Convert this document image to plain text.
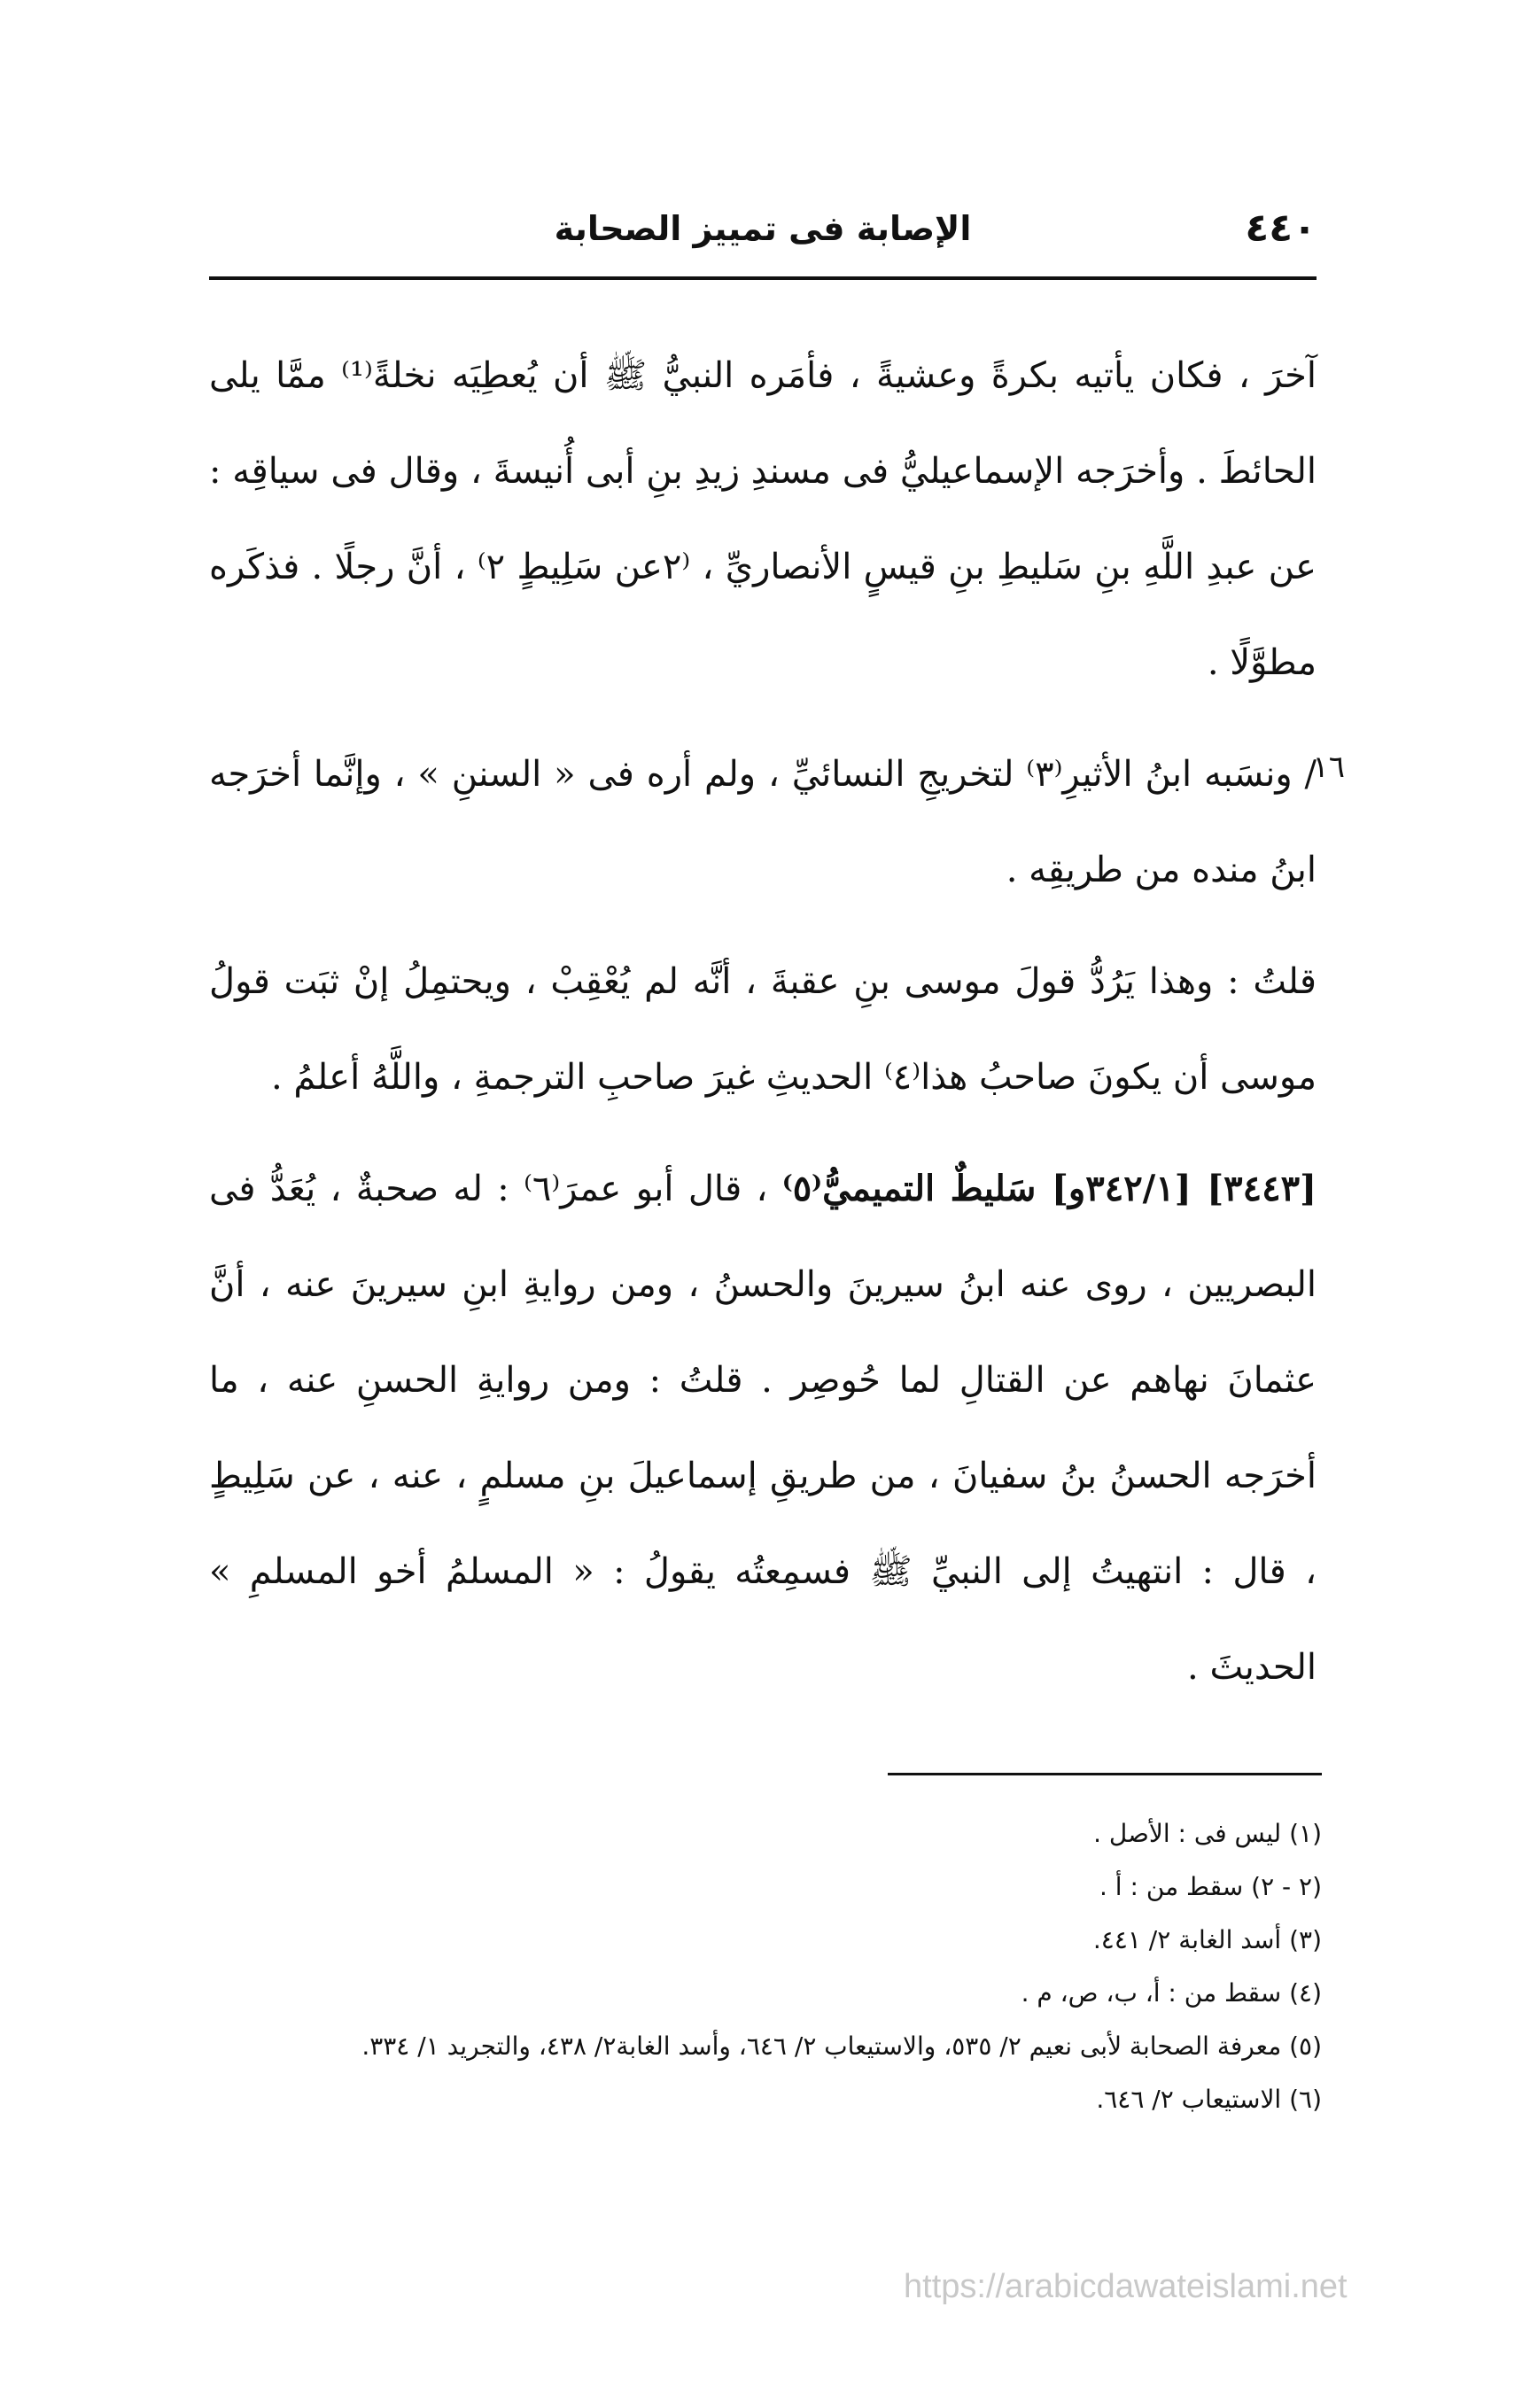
٤٤٠
الإصابة فى تمييز الصحابة
١٦

آخرَ ، فكان يأتيه بكرةً وعشيةً ، فأمَره النبيُّ ﷺ أن يُعطِيَه نخلةً⁽¹⁾ ممَّا يلى الحائطَ . وأخرَجه الإسماعيليُّ فى مسندِ زيدِ بنِ أبى أُنيسةَ ، وقال فى سياقِه : عن عبدِ اللَّهِ بنِ سَليطِ بنِ قيسٍ الأنصاريِّ ، ⁽٢عن سَلِيطٍ ٢⁾ ، أنَّ رجلًا . فذكَره مطوَّلًا .

/ ونسَبه ابنُ الأثيرِ⁽٣⁾ لتخريجِ النسائيِّ ، ولم أره فى « السننِ » ، وإنَّما أخرَجه ابنُ منده من طريقِه .

قلتُ : وهذا يَرُدُّ قولَ موسى بنِ عقبةَ ، أنَّه لم يُعْقِبْ ، ويحتمِلُ إنْ ثبَت قولُ موسى أن يكونَ صاحبُ هذا⁽٤⁾ الحديثِ غيرَ صاحبِ الترجمةِ ، واللَّهُ أعلمُ .

[٣٤٤٣] [٣٤٢/١و] سَليطٌ التميميُّ⁽٥⁾ ، قال أبو عمرَ⁽٦⁾ : له صحبةٌ ، يُعَدُّ فى البصريين ، روى عنه ابنُ سيرينَ والحسنُ ، ومن روايةِ ابنِ سيرينَ عنه ، أنَّ عثمانَ نهاهم عن القتالِ لما حُوصِر . قلتُ : ومن روايةِ الحسنِ عنه ، ما أخرَجه الحسنُ بنُ سفيانَ ، من طريقِ إسماعيلَ بنِ مسلمٍ ، عنه ، عن سَلِيطٍ ، قال : انتهيتُ إلى النبيِّ ﷺ فسمِعتُه يقولُ : « المسلمُ أخو المسلمِ » الحديثَ .

(١) ليس فى : الأصل .

(٢ - ٢) سقط من : أ .

(٣) أسد الغابة ٢/ ٤٤١.

(٤) سقط من : أ، ب، ص، م .

(٥) معرفة الصحابة لأبى نعيم ٢/ ٥٣٥، والاستيعاب ٢/ ٦٤٦، وأسد الغابة٢/ ٤٣٨، والتجريد ١/ ٣٣٤.

(٦) الاستيعاب ٢/ ٦٤٦.

https://arabicdawateislami.net
